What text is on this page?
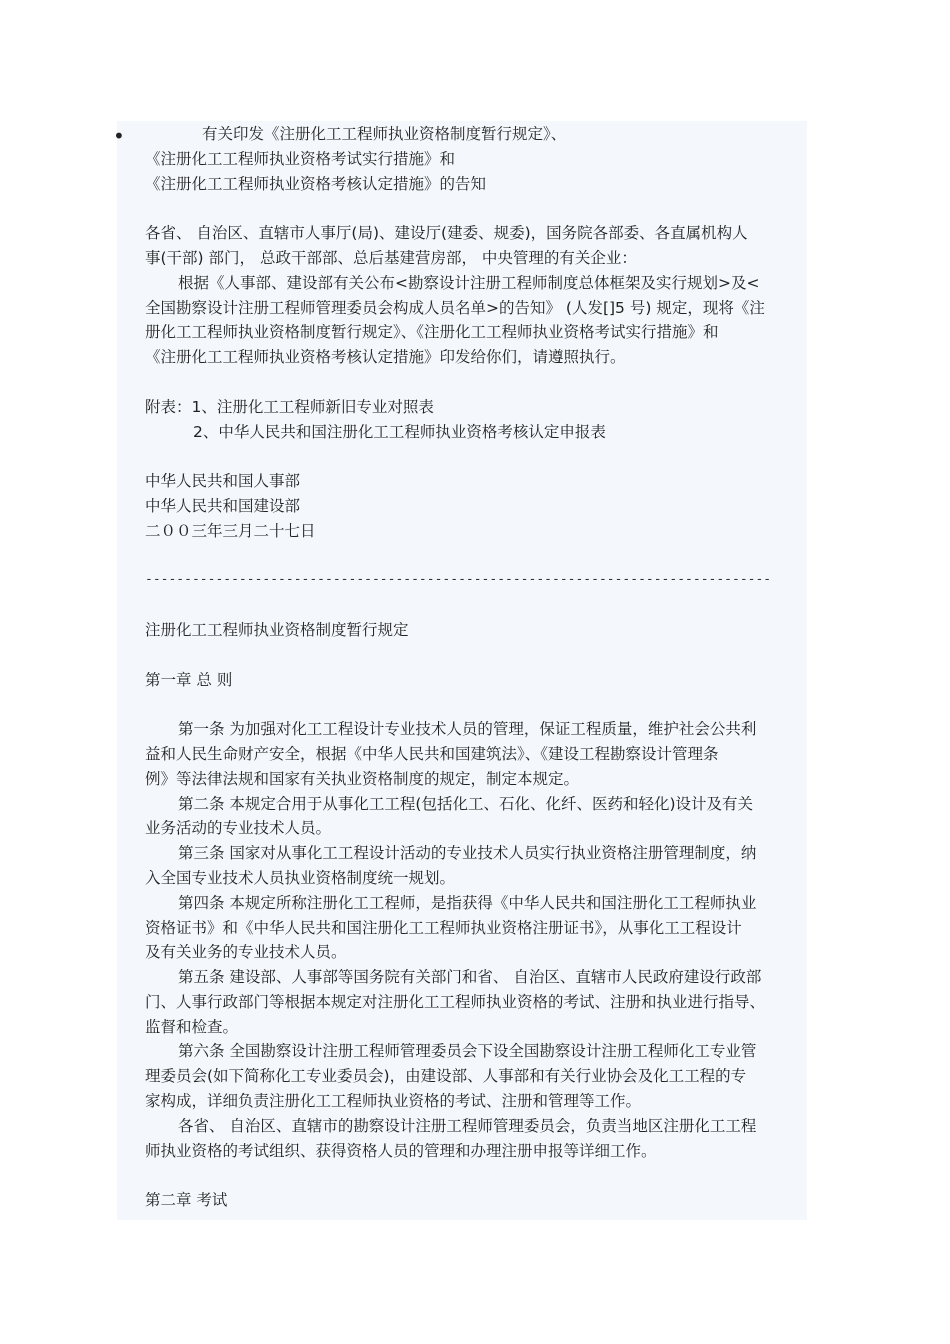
•	有关印发《注册化工工程师执业资格制度暂行规定》、
《注册化工工程师执业资格考试实行措施》和
《注册化工工程师执业资格考核认定措施》的告知
各省、 自治区、直辖市人事厅(局)、建设厅(建委、规委)，国务院各部委、各直属机构人
事(干部) 部门， 总政干部部、总后基建营房部， 中央管理的有关企业：
根据《人事部、建设部有关公布<勘察设计注册工程师制度总体框架及实行规划>及<
全国勘察设计注册工程师管理委员会构成人员名单>的告知》 (人发[]5 号) 规定，现将《注
册化工工程师执业资格制度暂行规定》、《注册化工工程师执业资格考试实行措施》和
《注册化工工程师执业资格考核认定措施》印发给你们，请遵照执行。
附表：1、注册化工工程师新旧专业对照表
2、中华人民共和国注册化工工程师执业资格考核认定申报表
中华人民共和国人事部
中华人民共和国建设部
二００三年三月二十七日
--------------------------------------------------------------------------------
注册化工工程师执业资格制度暂行规定
第一章 总 则
第一条 为加强对化工工程设计专业技术人员的管理，保证工程质量，维护社会公共利
益和人民生命财产安全，根据《中华人民共和国建筑法》、《建设工程勘察设计管理条
例》等法律法规和国家有关执业资格制度的规定，制定本规定。
第二条 本规定合用于从事化工工程(包括化工、石化、化纤、医药和轻化)设计及有关
业务活动的专业技术人员。
第三条 国家对从事化工工程设计活动的专业技术人员实行执业资格注册管理制度，纳
入全国专业技术人员执业资格制度统一规划。
第四条 本规定所称注册化工工程师，是指获得《中华人民共和国注册化工工程师执业
资格证书》和《中华人民共和国注册化工工程师执业资格注册证书》，从事化工工程设计
及有关业务的专业技术人员。
第五条 建设部、人事部等国务院有关部门和省、 自治区、直辖市人民政府建设行政部
门、人事行政部门等根据本规定对注册化工工程师执业资格的考试、注册和执业进行指导、
监督和检查。
第六条 全国勘察设计注册工程师管理委员会下设全国勘察设计注册工程师化工专业管
理委员会(如下简称化工专业委员会)，由建设部、人事部和有关行业协会及化工工程的专
家构成，详细负责注册化工工程师执业资格的考试、注册和管理等工作。
各省、 自治区、直辖市的勘察设计注册工程师管理委员会，负责当地区注册化工工程
师执业资格的考试组织、获得资格人员的管理和办理注册申报等详细工作。
第二章 考试
